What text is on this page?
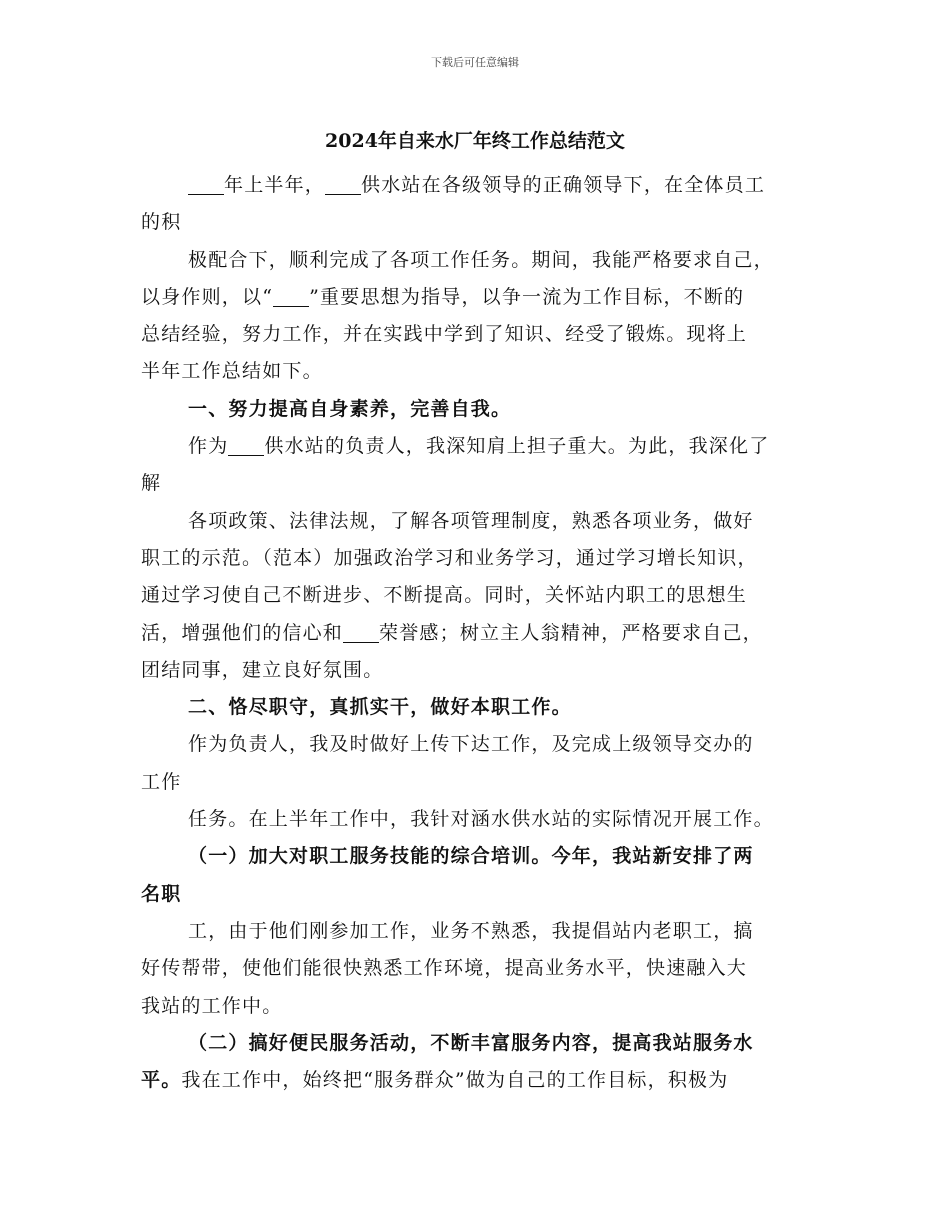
下载后可任意编辑
2024年自来水厂年终工作总结范文
年上半年， 供水站在各级领导的正确领导下，在全体员工
的积
极配合下，顺利完成了各项工作任务。期间，我能严格要求自己，
以身作则，以“ ”重要思想为指导，以争一流为工作目标，不断的
总结经验，努力工作，并在实践中学到了知识、经受了锻炼。现将上
半年工作总结如下。
一、努力提高自身素养，完善自我。
作为 供水站的负责人，我深知肩上担子重大。为此，我深化了
解
各项政策、法律法规，了解各项管理制度，熟悉各项业务，做好
职工的示范。（范本）加强政治学习和业务学习，通过学习增长知识，
通过学习使自己不断进步、不断提高。同时，关怀站内职工的思想生
活，增强他们的信心和 荣誉感；树立主人翁精神，严格要求自己，
团结同事，建立良好氛围。
二、恪尽职守，真抓实干，做好本职工作。
作为负责人，我及时做好上传下达工作，及完成上级领导交办的
工作
任务。在上半年工作中，我针对涵水供水站的实际情况开展工作。
（一）加大对职工服务技能的综合培训。今年，我站新安排了两
名职
工，由于他们刚参加工作，业务不熟悉，我提倡站内老职工，搞
好传帮带，使他们能很快熟悉工作环境，提高业务水平，快速融入大
我站的工作中。
（二）搞好便民服务活动，不断丰富服务内容，提高我站服务水
平。我在工作中，始终把“服务群众”做为自己的工作目标，积极为
